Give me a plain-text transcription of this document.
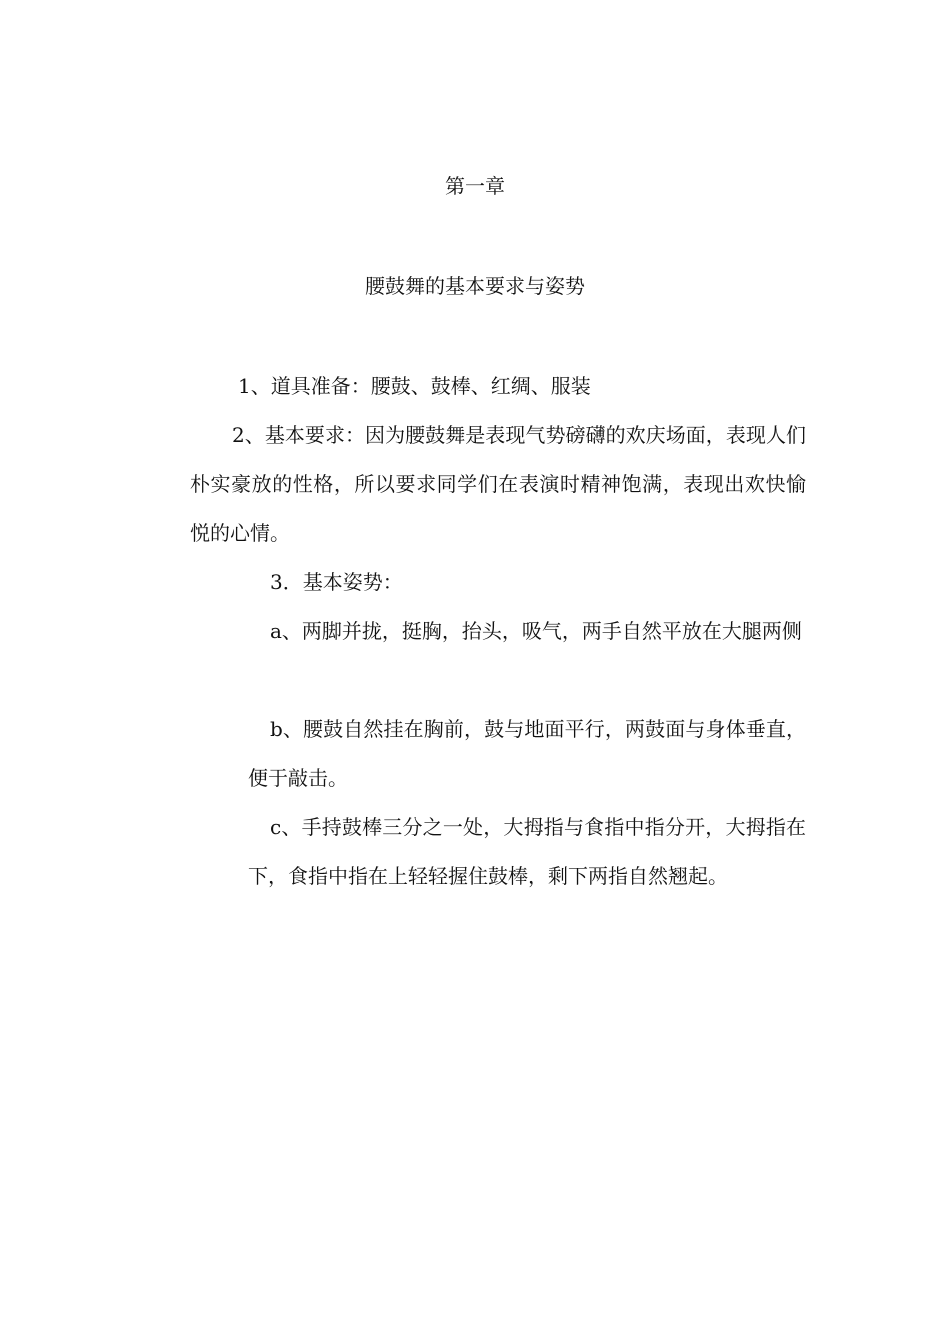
第一章
腰鼓舞的基本要求与姿势

1、道具准备：腰鼓、鼓棒、红绸、服装

2、基本要求：因为腰鼓舞是表现气势磅礴的欢庆场面，表现人们朴实豪放的性格，所以要求同学们在表演时精神饱满，表现出欢快愉悦的心情。

3．基本姿势：

a、两脚并拢，挺胸，抬头，吸气，两手自然平放在大腿两侧

b、腰鼓自然挂在胸前，鼓与地面平行，两鼓面与身体垂直，便于敲击。

c、手持鼓棒三分之一处，大拇指与食指中指分开，大拇指在下，食指中指在上轻轻握住鼓棒，剩下两指自然翘起。
